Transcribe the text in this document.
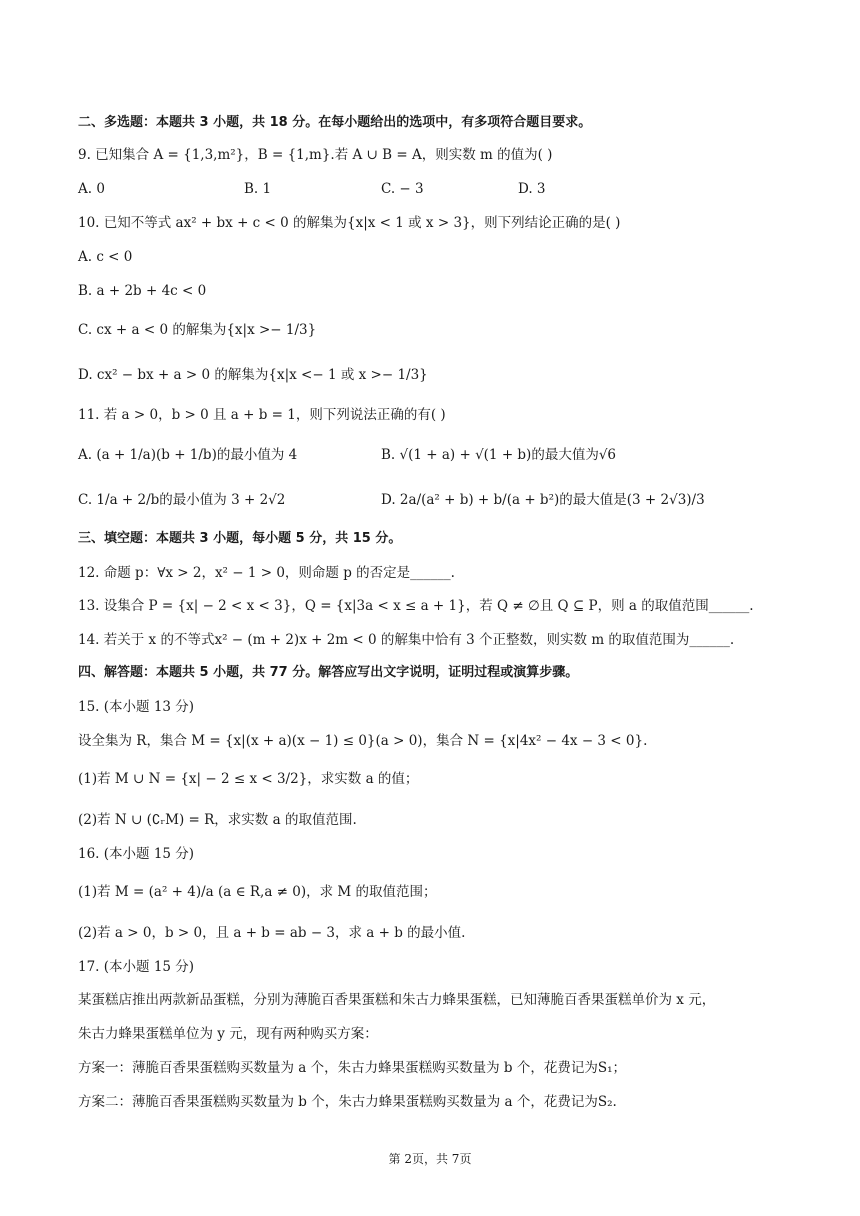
二、多选题：本题共 3 小题，共 18 分。在每小题给出的选项中，有多项符合题目要求。
9. 已知集合 A = {1,3,m²}，B = {1,m}.若 A ∪ B = A，则实数 m 的值为( )
A. 0	B. 1	C. − 3	D. 3
10. 已知不等式 ax² + bx + c < 0 的解集为{x|x < 1 或 x > 3}，则下列结论正确的是( )
A. c < 0
B. a + 2b + 4c < 0
C. cx + a < 0 的解集为{x|x >− 1/3}
D. cx² − bx + a > 0 的解集为{x|x <− 1 或 x >− 1/3}
11. 若 a > 0，b > 0 且 a + b = 1，则下列说法正确的有( )
A. (a + 1/a)(b + 1/b)的最小值为 4	B. √(1 + a) + √(1 + b)的最大值为√6
C. 1/a + 2/b的最小值为 3 + 2√2	D. 2a/(a² + b) + b/(a + b²)的最大值是(3 + 2√3)/3
三、填空题：本题共 3 小题，每小题 5 分，共 15 分。
12. 命题 p：∀x > 2，x² − 1 > 0，则命题 p 的否定是______.
13. 设集合 P = {x| − 2 < x < 3}，Q = {x|3a < x ≤ a + 1}，若 Q ≠ ∅且 Q ⊆ P，则 a 的取值范围______.
14. 若关于 x 的不等式x² − (m + 2)x + 2m < 0 的解集中恰有 3 个正整数，则实数 m 的取值范围为______.
四、解答题：本题共 5 小题，共 77 分。解答应写出文字说明，证明过程或演算步骤。
15. (本小题 13 分)
设全集为 R，集合 M = {x|(x + a)(x − 1) ≤ 0}(a > 0)，集合 N = {x|4x² − 4x − 3 < 0}.
(1)若 M ∪ N = {x| − 2 ≤ x < 3/2}，求实数 a 的值；
(2)若 N ∪ (∁ᵣM) = R，求实数 a 的取值范围.
16. (本小题 15 分)
(1)若 M = (a² + 4)/a (a ∈ R,a ≠ 0)，求 M 的取值范围；
(2)若 a > 0，b > 0，且 a + b = ab − 3，求 a + b 的最小值.
17. (本小题 15 分)
某蛋糕店推出两款新品蛋糕，分别为薄脆百香果蛋糕和朱古力蜂果蛋糕，已知薄脆百香果蛋糕单价为 x 元，
朱古力蜂果蛋糕单位为 y 元，现有两种购买方案：
方案一：薄脆百香果蛋糕购买数量为 a 个，朱古力蜂果蛋糕购买数量为 b 个，花费记为S₁；
方案二：薄脆百香果蛋糕购买数量为 b 个，朱古力蜂果蛋糕购买数量为 a 个，花费记为S₂.
第 2页，共 7页
